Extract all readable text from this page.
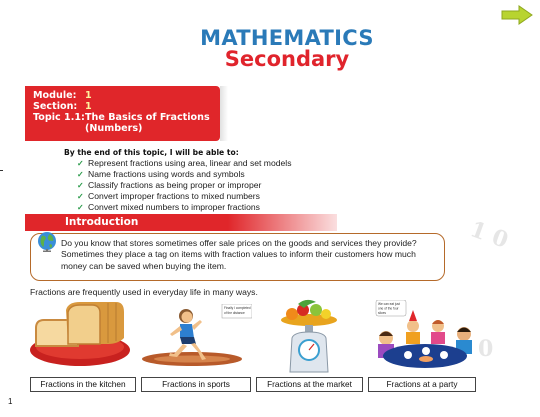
1 0
0
MATHEMATICS
Secondary
Module: 1
Section: 1
Topic 1.1: The Basics of Fractions
(Numbers)
By the end of this topic, I will be able to:
✓ Represent fractions using area, linear and set models
✓ Name fractions using words and symbols
✓ Classify fractions as being proper or improper
✓ Convert improper fractions to mixed numbers
✓ Convert mixed numbers to improper fractions
Introduction
Do you know that stores sometimes offer sale prices on the goods and services they provide? Sometimes they place a tag on items with fraction values to inform their customers how much money can be saved when buying the item.
Fractions are frequently used in everyday life in many ways.
Finally I completed
of the distance
We can eat just
one of the four
slices
Fractions in the kitchen	Fractions in sports	Fractions at the market	Fractions at a party
1
